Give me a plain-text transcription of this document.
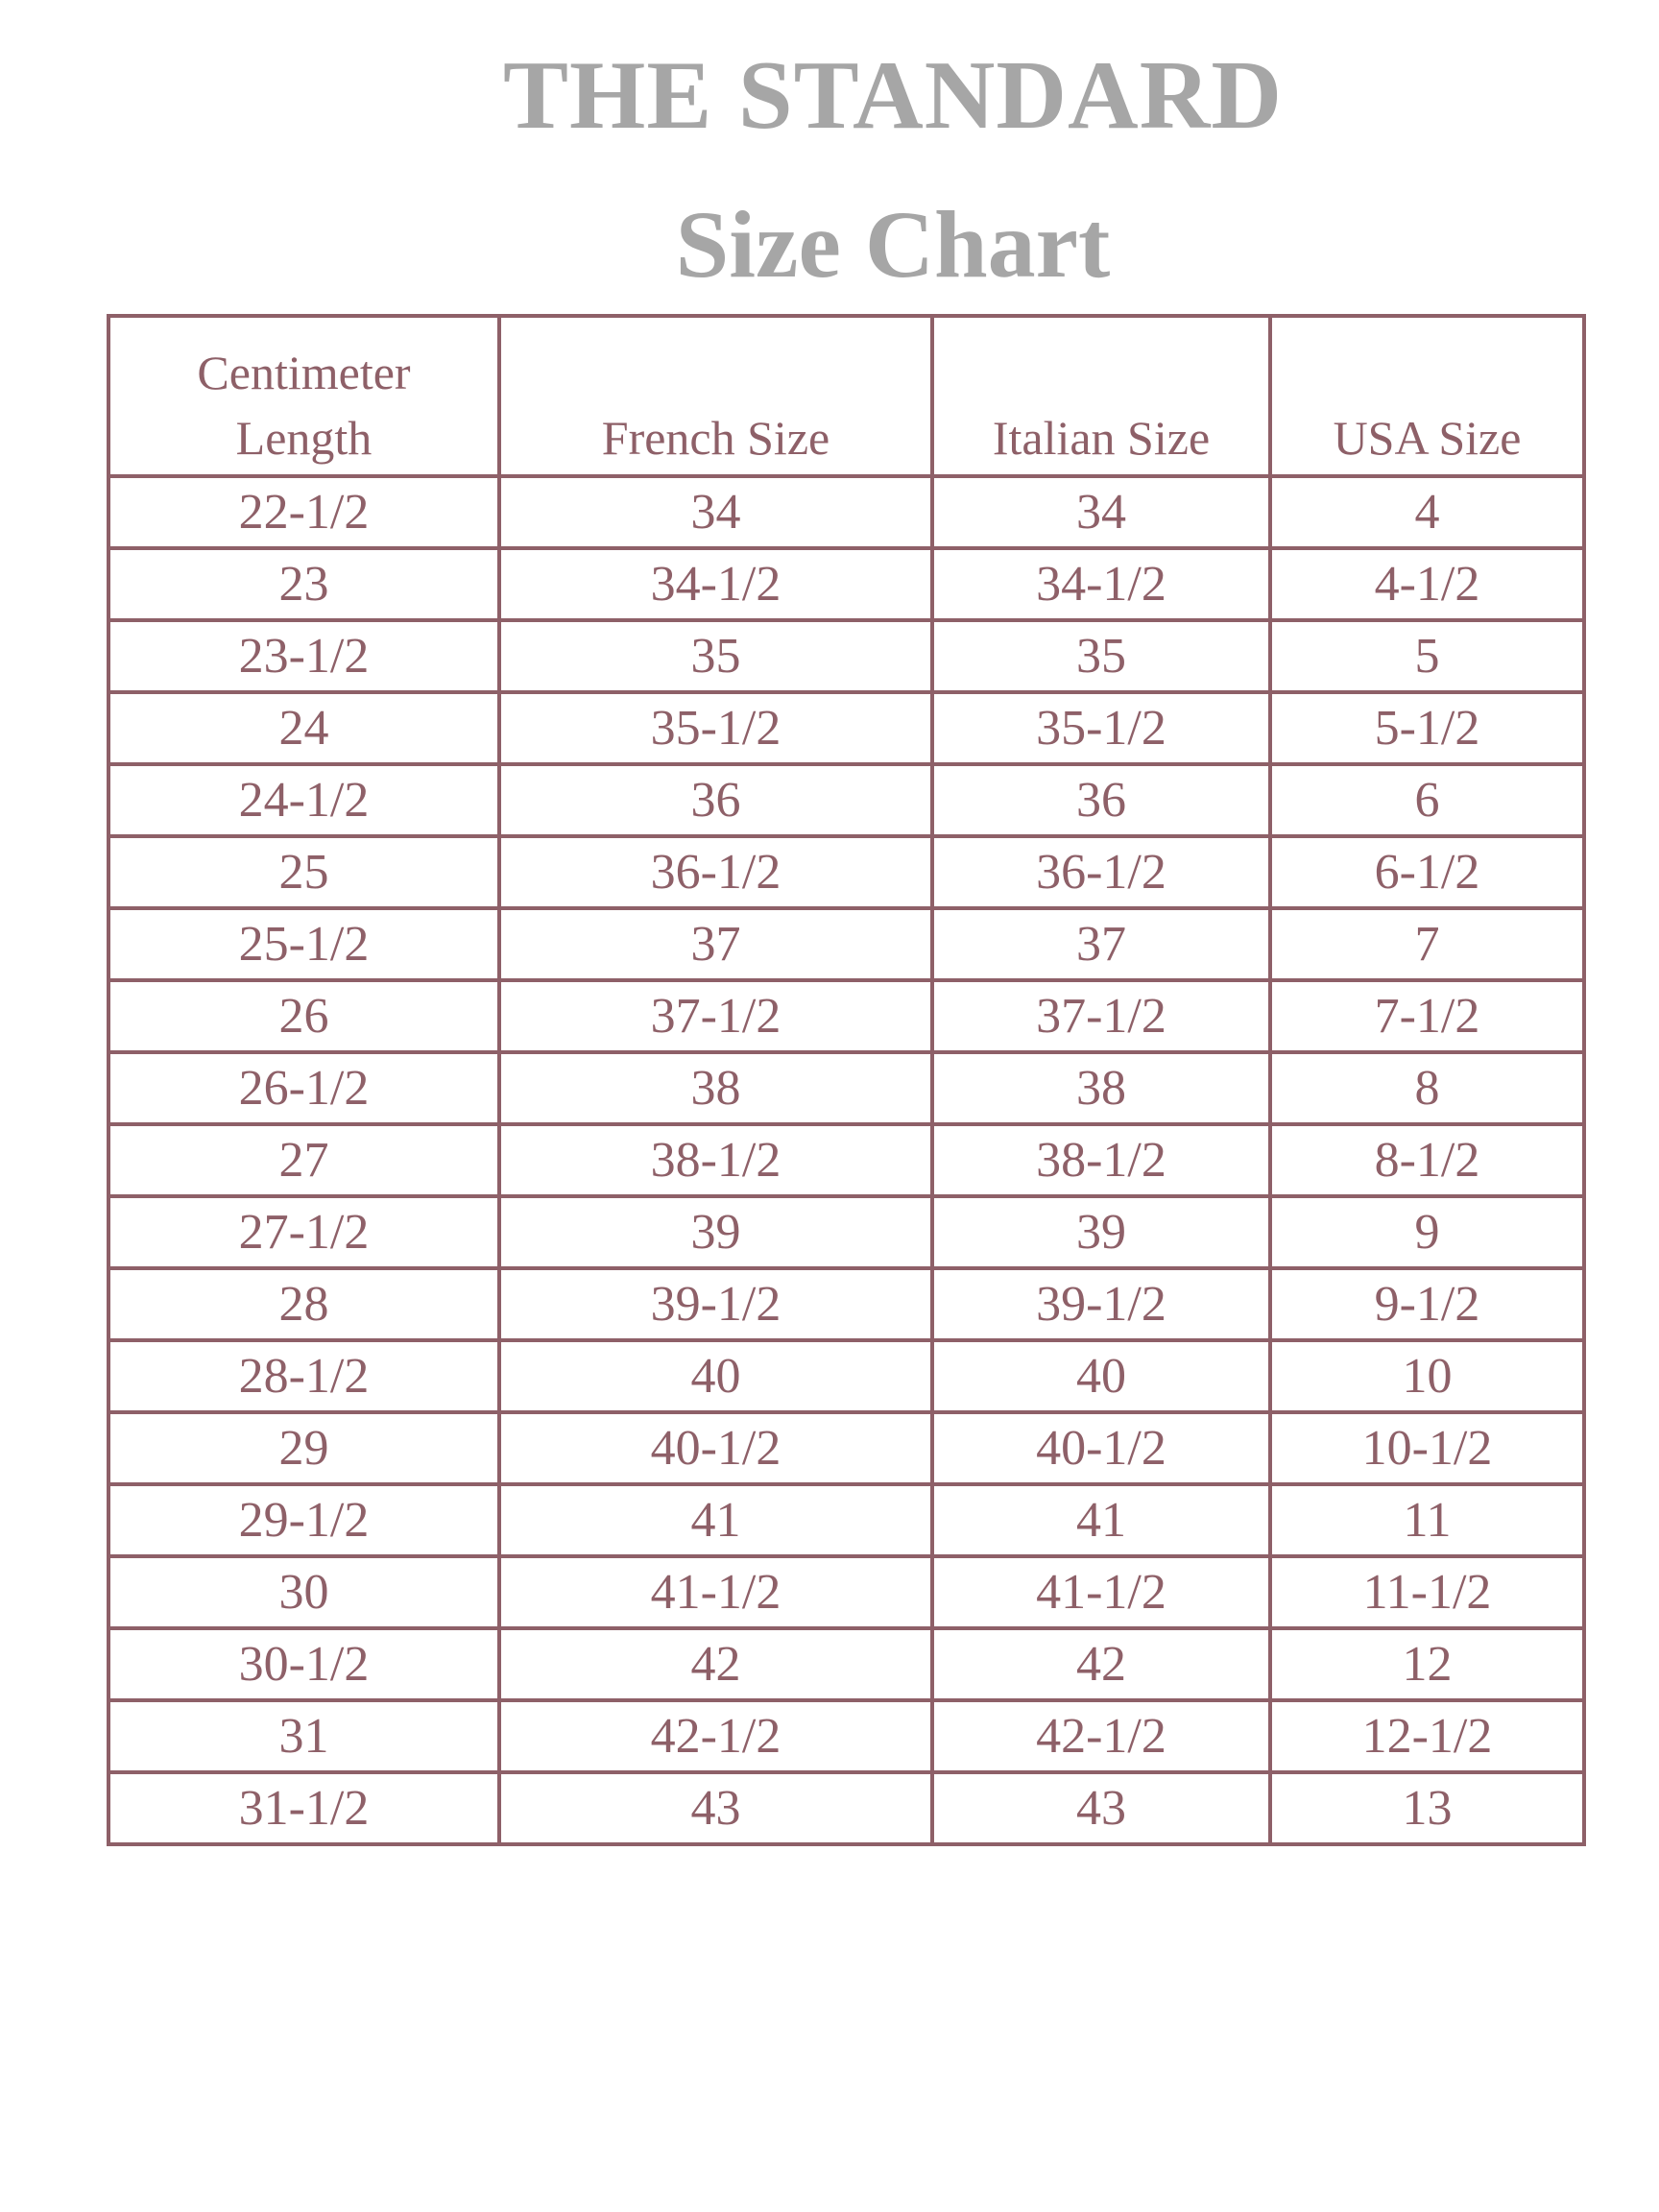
THE STANDARD
Size Chart
Centimeter
Length	French Size	Italian Size	USA Size
22-1/2	34	34	4
23	34-1/2	34-1/2	4-1/2
23-1/2	35	35	5
24	35-1/2	35-1/2	5-1/2
24-1/2	36	36	6
25	36-1/2	36-1/2	6-1/2
25-1/2	37	37	7
26	37-1/2	37-1/2	7-1/2
26-1/2	38	38	8
27	38-1/2	38-1/2	8-1/2
27-1/2	39	39	9
28	39-1/2	39-1/2	9-1/2
28-1/2	40	40	10
29	40-1/2	40-1/2	10-1/2
29-1/2	41	41	11
30	41-1/2	41-1/2	11-1/2
30-1/2	42	42	12
31	42-1/2	42-1/2	12-1/2
31-1/2	43	43	13
